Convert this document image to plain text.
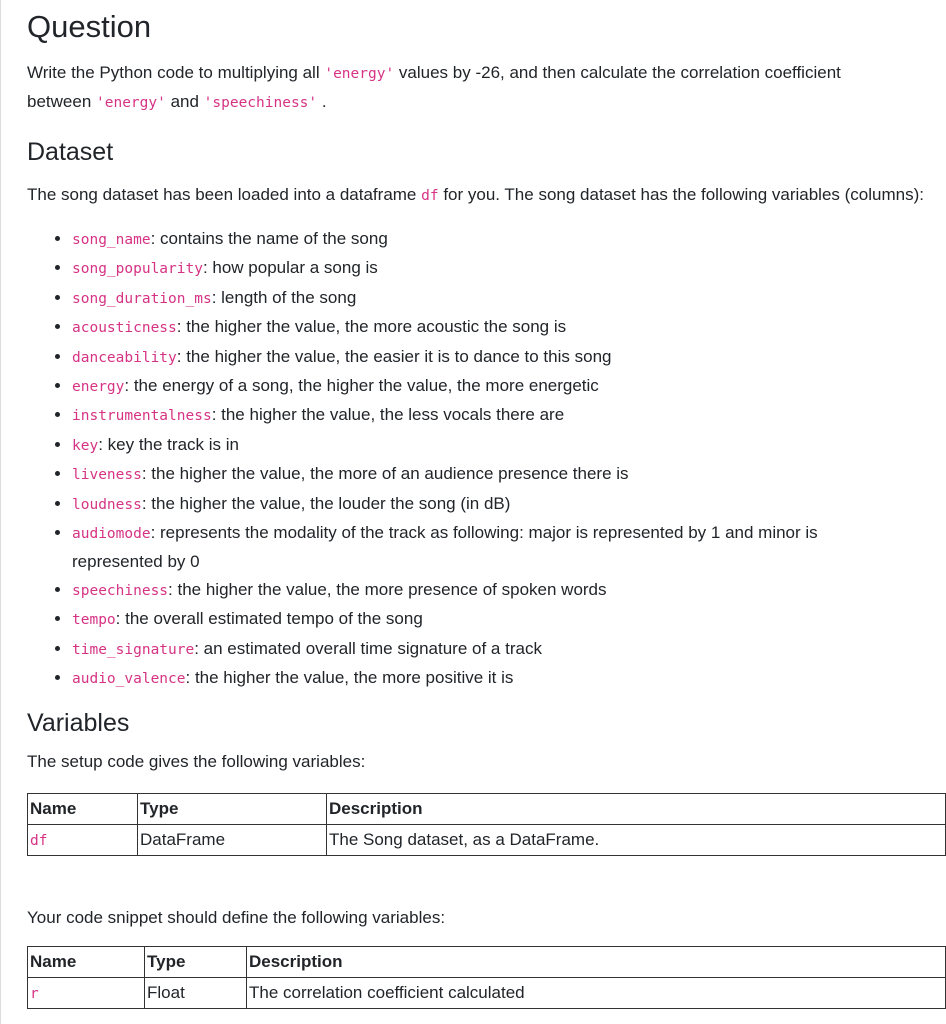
Question

Write the Python code to multiplying all 'energy' values by -26, and then calculate the correlation coefficient between 'energy' and 'speechiness' .

Dataset

The song dataset has been loaded into a dataframe df for you. The song dataset has the following variables (columns):

• song_name: contains the name of the song
• song_popularity: how popular a song is
• song_duration_ms: length of the song
• acousticness: the higher the value, the more acoustic the song is
• danceability: the higher the value, the easier it is to dance to this song
• energy: the energy of a song, the higher the value, the more energetic
• instrumentalness: the higher the value, the less vocals there are
• key: key the track is in
• liveness: the higher the value, the more of an audience presence there is
• loudness: the higher the value, the louder the song (in dB)
• audiomode: represents the modality of the track as following: major is represented by 1 and minor is represented by 0
• speechiness: the higher the value, the more presence of spoken words
• tempo: the overall estimated tempo of the song
• time_signature: an estimated overall time signature of a track
• audio_valence: the higher the value, the more positive it is
Variables

The setup code gives the following variables:

Name	Type	Description
df	DataFrame	The Song dataset, as a DataFrame.

Your code snippet should define the following variables:

Name	Type	Description
r	Float	The correlation coefficient calculated
